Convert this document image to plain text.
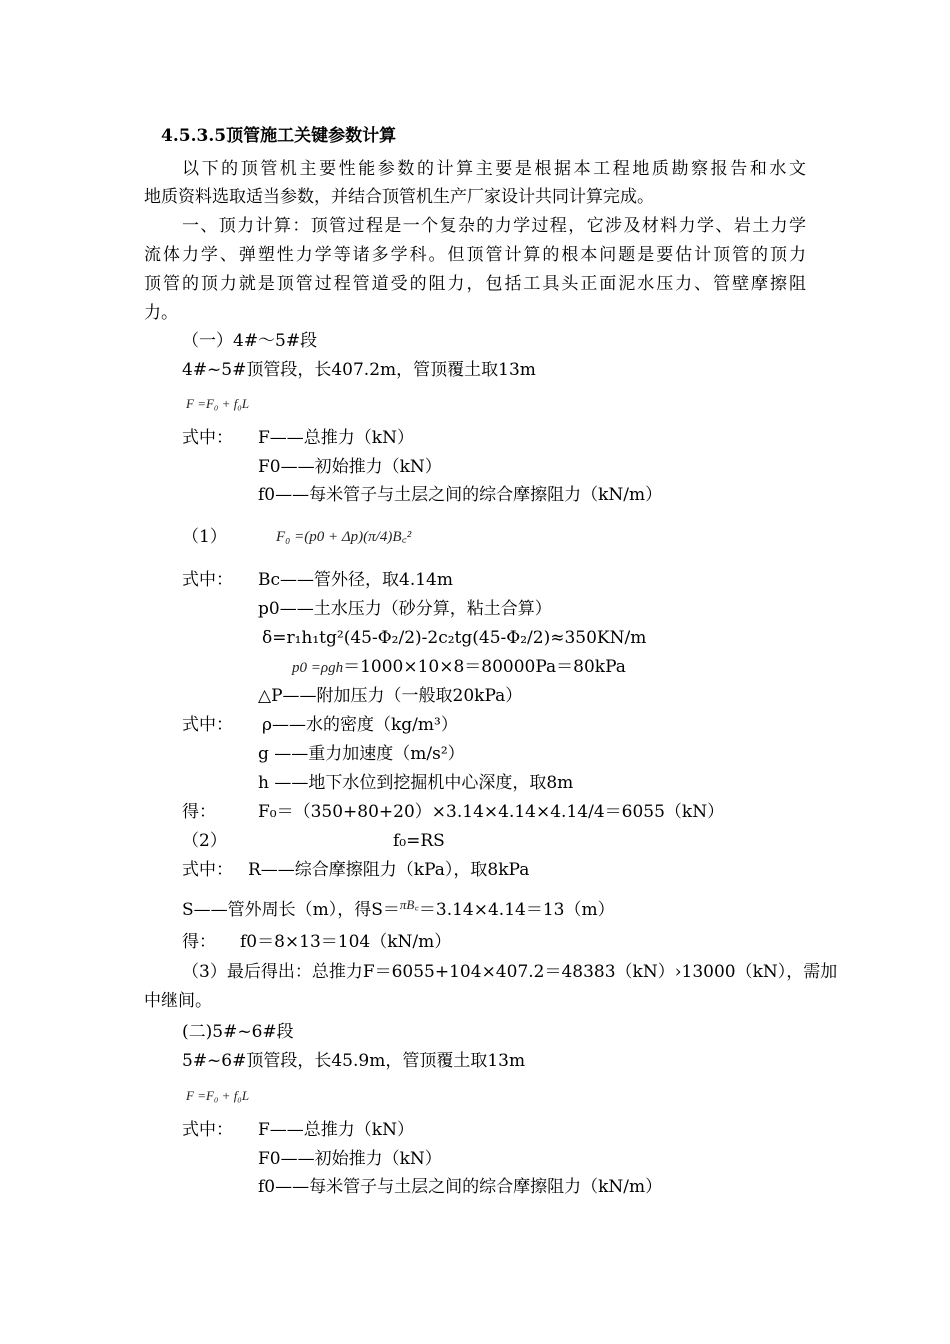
4.5.3.5顶管施工关键参数计算
以下的顶管机主要性能参数的计算主要是根据本工程地质勘察报告和水文
地质资料选取适当参数，并结合顶管机生产厂家设计共同计算完成。
一、顶力计算：顶管过程是一个复杂的力学过程，它涉及材料力学、岩土力学
流体力学、弹塑性力学等诸多学科。但顶管计算的根本问题是要估计顶管的顶力
顶管的顶力就是顶管过程管道受的阻力，包括工具头正面泥水压力、管壁摩擦阻
力。
（一）4#～5#段
4#~5#顶管段，长407.2m，管顶覆土取13m
F =F₀ + f₀L
式中： F——总推力（kN）
F0——初始推力（kN）
f0——每米管子与土层之间的综合摩擦阻力（kN/m）
（1）	F₀ =(p0 + Δp)(π/4)B꜀²
式中： Bc——管外径，取4.14m
p0——土水压力（砂分算，粘土合算）
δ=r₁h₁tg²(45-Φ₂/2)-2c₂tg(45-Φ₂/2)≈350KN/m
p0 =ρgh＝1000×10×8＝80000Pa＝80kPa
△P——附加压力（一般取20kPa）
式中： ρ——水的密度（kg/m³）
g ——重力加速度（m/s²）
h ——地下水位到挖掘机中心深度，取8m
得： F₀＝（350+80+20）×3.14×4.14×4.14/4＝6055（kN）
（2）	f₀=RS
式中： R——综合摩擦阻力（kPa），取8kPa
S——管外周长（m），得S＝$^{\pi B꜀}$＝3.14×4.14＝13（m）
得： f0＝8×13＝104（kN/m）
（3）最后得出：总推力F＝6055+104×407.2＝48383（kN）›13000（kN），需加
中继间。
(二)5#~6#段
5#~6#顶管段，长45.9m，管顶覆土取13m
F =F₀ + f₀L
式中： F——总推力（kN）
F0——初始推力（kN）
f0——每米管子与土层之间的综合摩擦阻力（kN/m）
